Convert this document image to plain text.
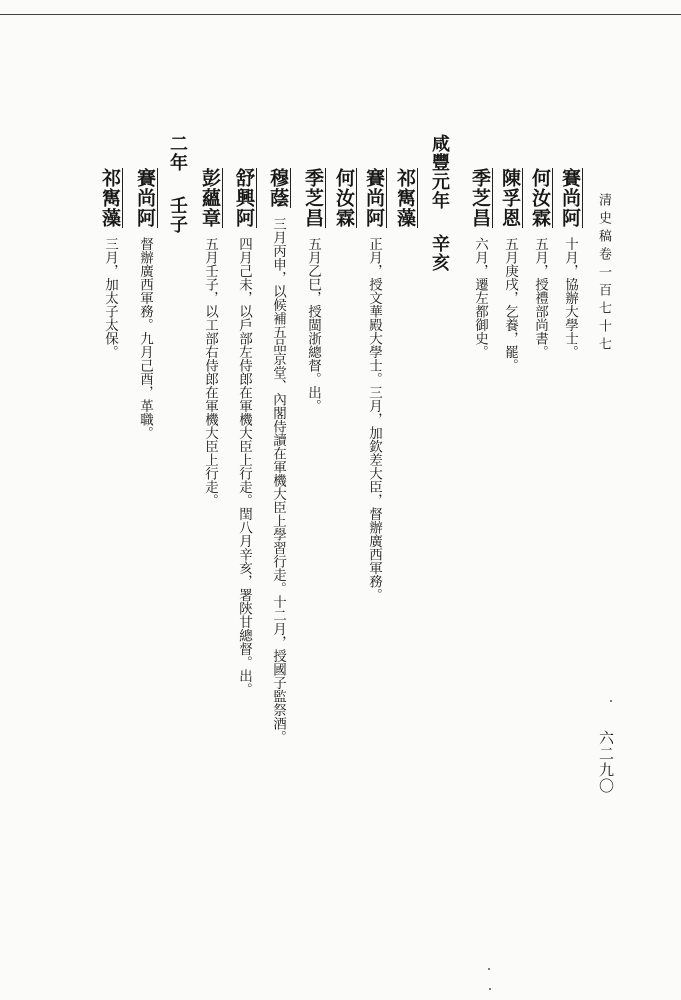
清史稿卷一百七十七
六二九〇
賽尚阿十月，協辦大學士。
何汝霖五月，授禮部尚書。
陳孚恩五月庚戌，乞養，罷。
季芝昌六月，遷左都御史。
咸豐元年辛亥
祁寯藻
賽尚阿正月，授文華殿大學士。三月，加欽差大臣，督辦廣西軍務。
何汝霖
季芝昌五月乙巳，授閩浙總督。出。
穆蔭三月丙申，以候補五品京堂、內閣侍讀在軍機大臣上學習行走。十二月，授國子監祭酒。
舒興阿四月己未，以戶部左侍郎在軍機大臣上行走。閏八月辛亥，署陝甘總督。出。
彭蘊章五月壬子，以工部右侍郎在軍機大臣上行走。
二年壬子
賽尚阿督辦廣西軍務。九月己酉，革職。
祁寯藻三月，加太子太保。
